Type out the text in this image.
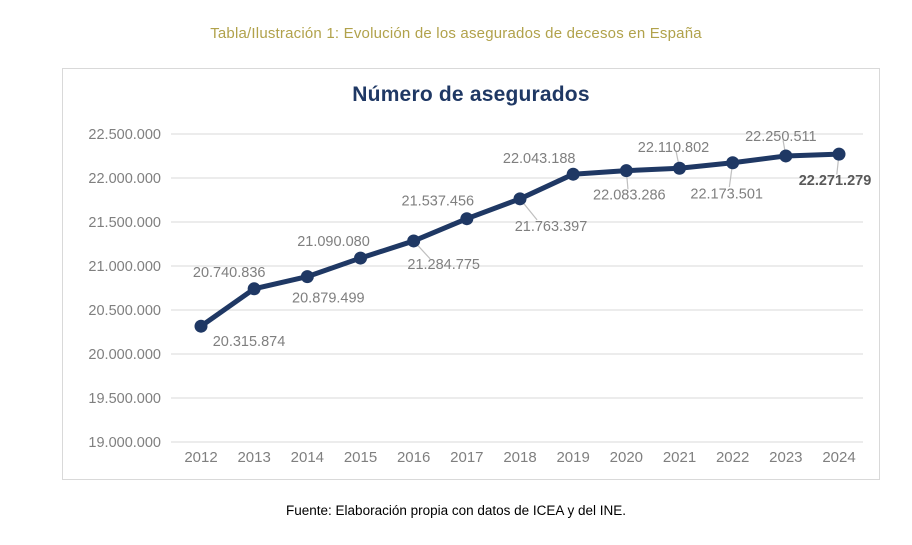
Tabla/Ilustración 1: Evolución de los asegurados de decesos en España
22.500.000
22.000.000
21.500.000
21.000.000
20.500.000
20.000.000
19.500.000
19.000.000
2012 2013 2014 2015 2016 2017 2018 2019 2020 2021 2022 2023 2024
20.315.874
20.740.836
20.879.499
21.090.080
21.284.775
21.537.456
21.763.397
22.043.188
22.083.286
22.110.802
22.173.501
22.250.511
22.271.279
Número de asegurados
Fuente: Elaboración propia con datos de ICEA y del INE.
